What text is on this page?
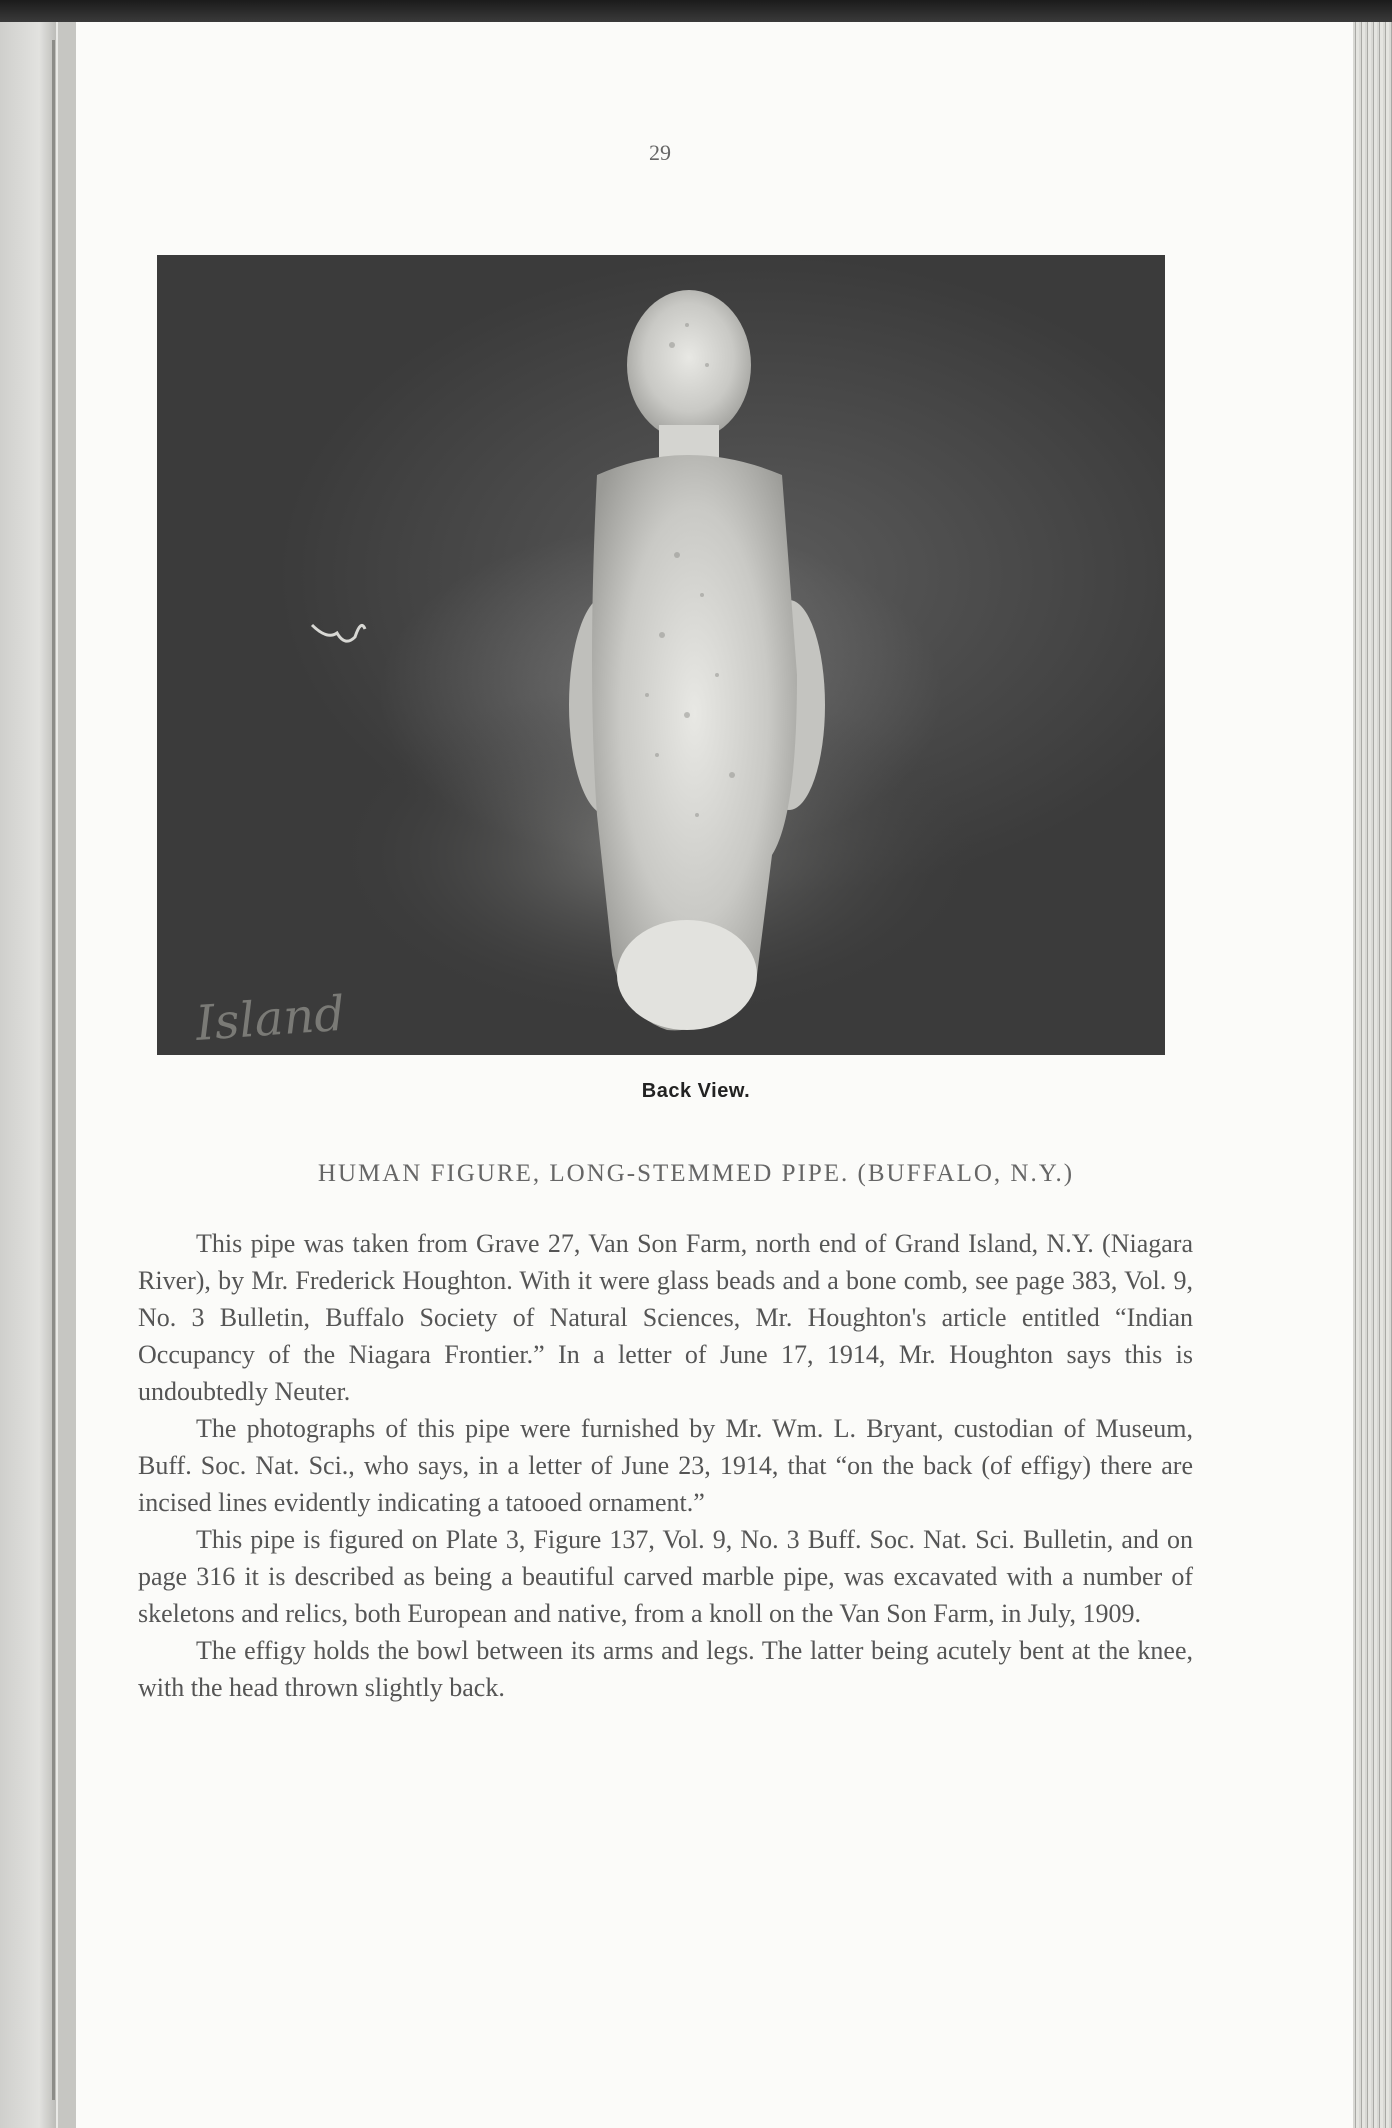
29
Island
Back View.
HUMAN FIGURE, LONG-STEMMED PIPE. (BUFFALO, N.Y.)

This pipe was taken from Grave 27, Van Son Farm, north end of Grand Island, N.Y. (Niagara River), by Mr. Frederick Houghton. With it were glass beads and a bone comb, see page 383, Vol. 9, No. 3 Bulletin, Buffalo Society of Natural Sciences, Mr. Houghton's article entitled “Indian Occupancy of the Niagara Frontier.” In a letter of June 17, 1914, Mr. Houghton says this is undoubtedly Neuter.

The photographs of this pipe were furnished by Mr. Wm. L. Bryant, custodian of Museum, Buff. Soc. Nat. Sci., who says, in a letter of June 23, 1914, that “on the back (of effigy) there are incised lines evidently indicating a tatooed ornament.”

This pipe is figured on Plate 3, Figure 137, Vol. 9, No. 3 Buff. Soc. Nat. Sci. Bulletin, and on page 316 it is described as being a beautiful carved marble pipe, was excavated with a number of skeletons and relics, both European and native, from a knoll on the Van Son Farm, in July, 1909.

The effigy holds the bowl between its arms and legs. The latter being acutely bent at the knee, with the head thrown slightly back.
